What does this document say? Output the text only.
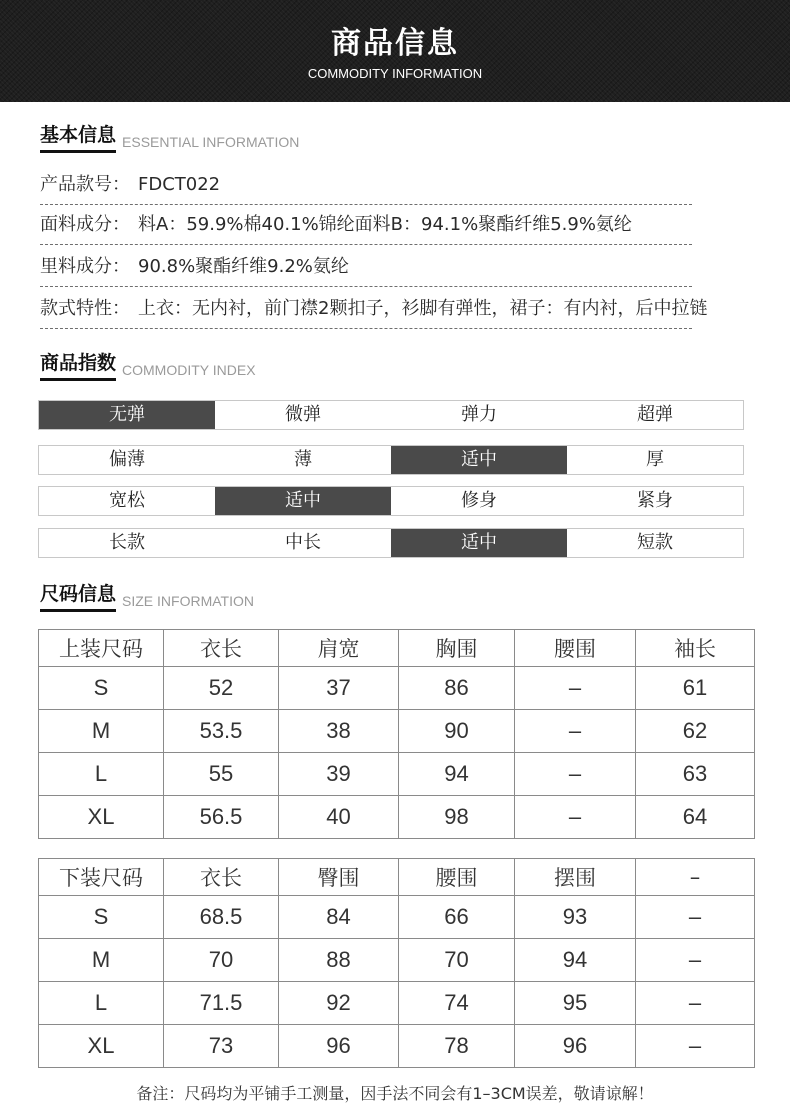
商品信息
COMMODITY INFORMATION
基本信息 ESSENTIAL INFORMATION
产品款号： FDCT022
面料成分： 料A：59.9%棉40.1%锦纶面料B：94.1%聚酯纤维5.9%氨纶
里料成分： 90.8%聚酯纤维9.2%氨纶
款式特性： 上衣：无内衬，前门襟2颗扣子，衫脚有弹性，裙子：有内衬，后中拉链
商品指数 COMMODITY INDEX
无弹	微弹	弹力	超弹
偏薄	薄	适中	厚
宽松	适中	修身	紧身
长款	中长	适中	短款
尺码信息 SIZE INFORMATION
上装尺码	衣长	肩宽	胸围	腰围	袖长
S	52	37	86	–	61
M	53.5	38	90	–	62
L	55	39	94	–	63
XL	56.5	40	98	–	64
下装尺码	衣长	臀围	腰围	摆围	–
S	68.5	84	66	93	–
M	70	88	70	94	–
L	71.5	92	74	95	–
XL	73	96	78	96	–
备注：尺码均为平铺手工测量，因手法不同会有1–3CM误差，敬请谅解！
